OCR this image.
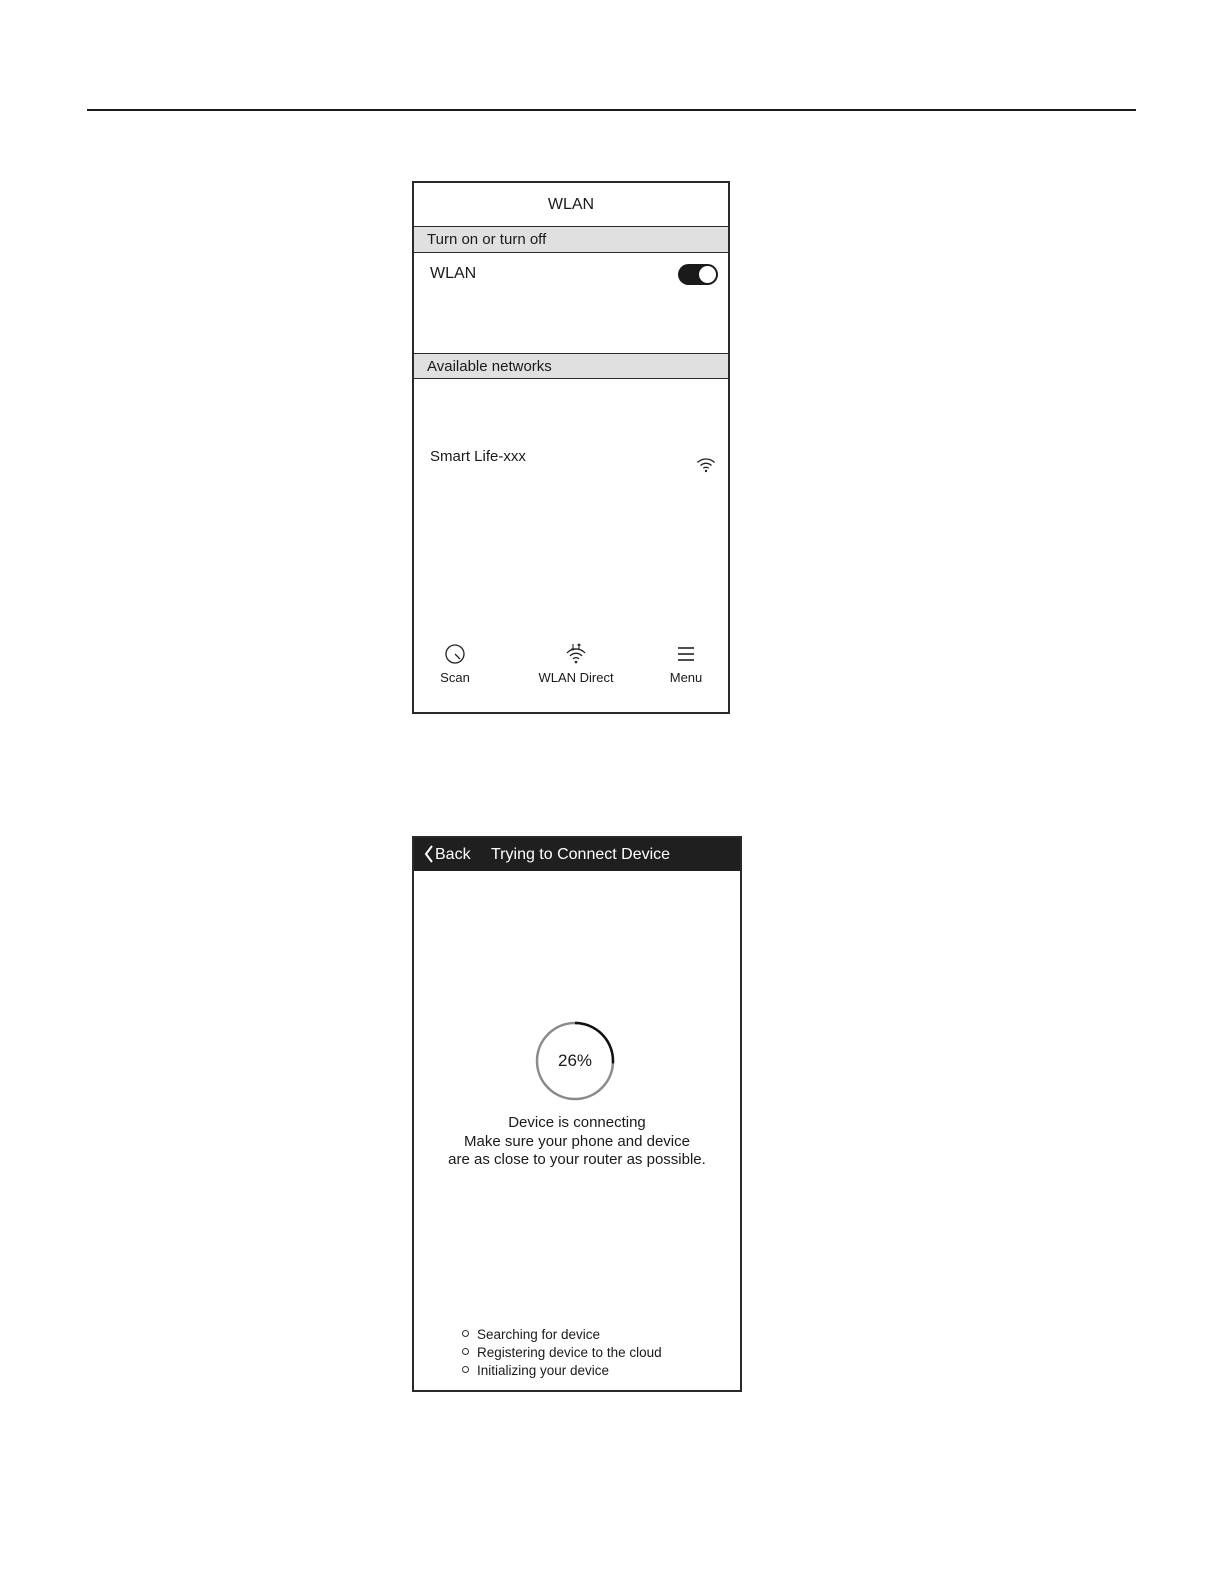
WLAN
Turn on or turn off
WLAN
Available networks
Smart Life-xxx
Scan	WLAN Direct	Menu
Back Trying to Connect Device
26%
Device is connecting
Make sure your phone and device
are as close to your router as possible.
Searching for device
Registering device to the cloud
Initializing your device
